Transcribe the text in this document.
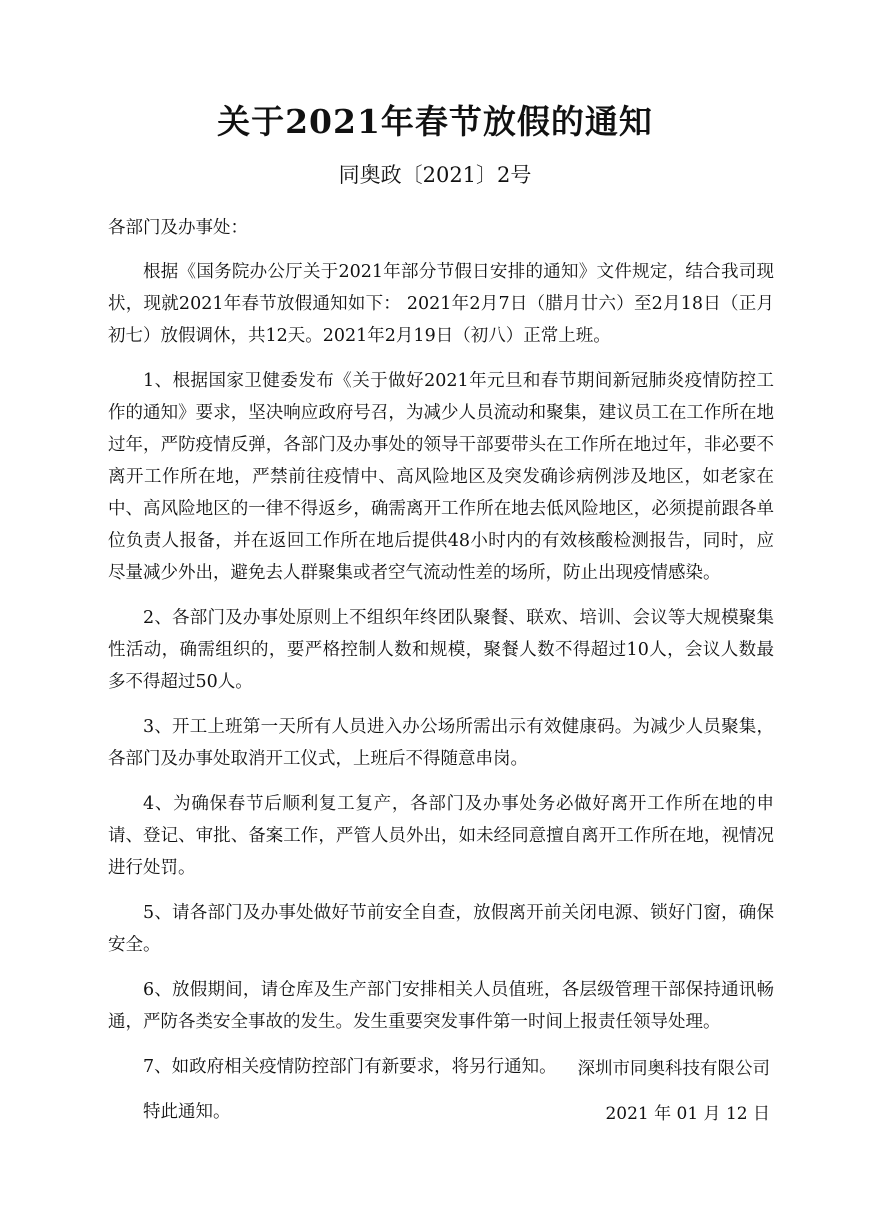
关于2021年春节放假的通知
同奥政〔2021〕2号
各部门及办事处：

根据《国务院办公厅关于2021年部分节假日安排的通知》文件规定，结合我司现状，现就2021年春节放假通知如下： 2021年2月7日（腊月廿六）至2月18日（正月初七）放假调休，共12天。2021年2月19日（初八）正常上班。

1、根据国家卫健委发布《关于做好2021年元旦和春节期间新冠肺炎疫情防控工作的通知》要求，坚决响应政府号召，为减少人员流动和聚集，建议员工在工作所在地过年，严防疫情反弹，各部门及办事处的领导干部要带头在工作所在地过年，非必要不离开工作所在地，严禁前往疫情中、高风险地区及突发确诊病例涉及地区，如老家在中、高风险地区的一律不得返乡，确需离开工作所在地去低风险地区，必须提前跟各单位负责人报备，并在返回工作所在地后提供48小时内的有效核酸检测报告，同时，应尽量减少外出，避免去人群聚集或者空气流动性差的场所，防止出现疫情感染。

2、各部门及办事处原则上不组织年终团队聚餐、联欢、培训、会议等大规模聚集性活动，确需组织的，要严格控制人数和规模，聚餐人数不得超过10人，会议人数最多不得超过50人。

3、开工上班第一天所有人员进入办公场所需出示有效健康码。为减少人员聚集，各部门及办事处取消开工仪式，上班后不得随意串岗。

4、为确保春节后顺利复工复产，各部门及办事处务必做好离开工作所在地的申请、登记、审批、备案工作，严管人员外出，如未经同意擅自离开工作所在地，视情况进行处罚。

5、请各部门及办事处做好节前安全自查，放假离开前关闭电源、锁好门窗，确保安全。

6、放假期间，请仓库及生产部门安排相关人员值班，各层级管理干部保持通讯畅通，严防各类安全事故的发生。发生重要突发事件第一时间上报责任领导处理。

7、如政府相关疫情防控部门有新要求，将另行通知。

特此通知。

深圳市同奥科技有限公司
2021 年 01 月 12 日
